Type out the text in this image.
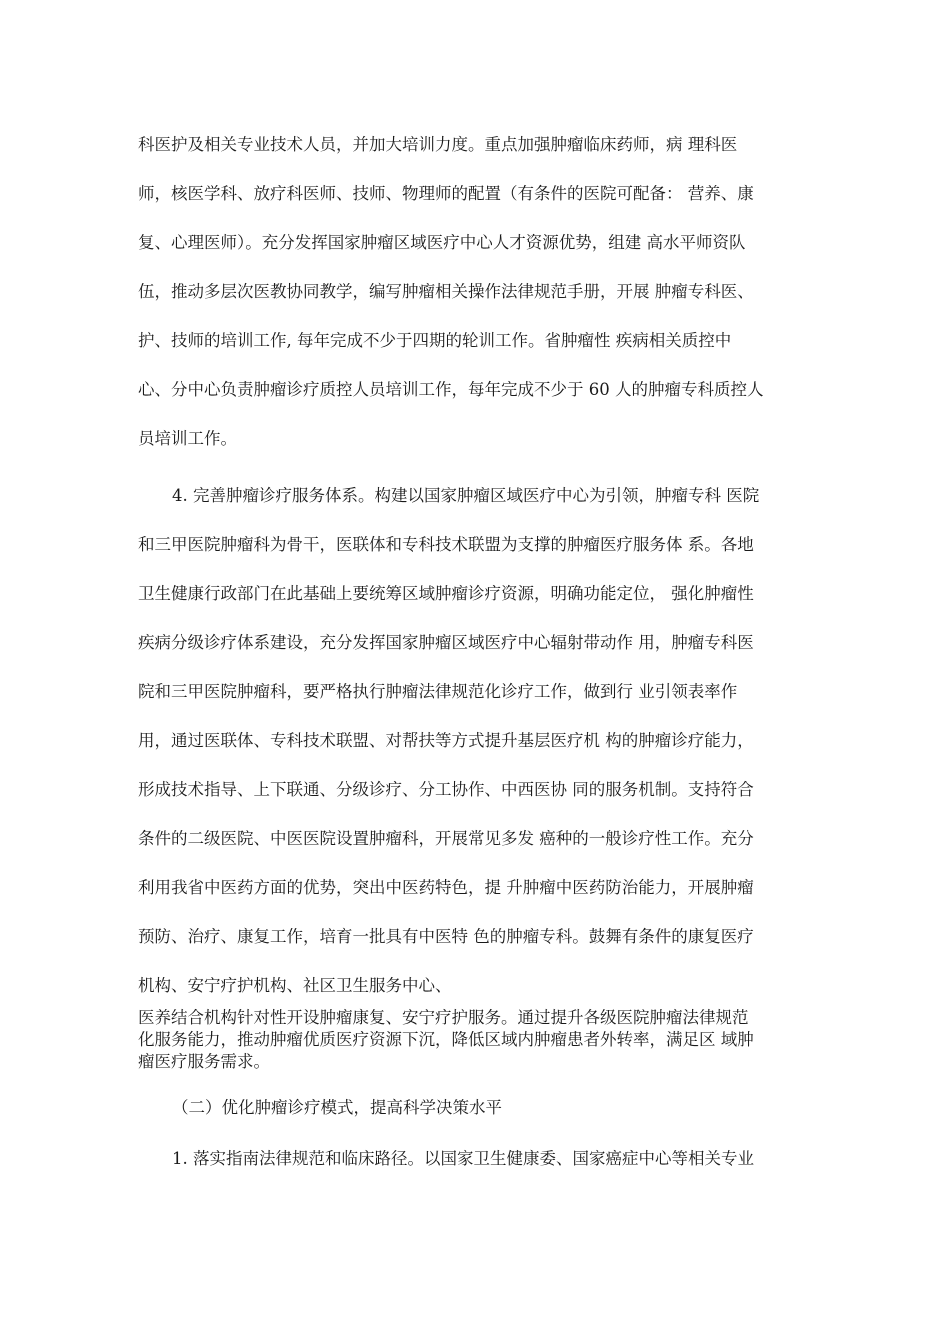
科医护及相关专业技术人员，并加大培训力度。重点加强肿瘤临床药师，病 理科医
师，核医学科、放疗科医师、技师、物理师的配置（有条件的医院可配备： 营养、康
复、心理医师）。充分发挥国家肿瘤区域医疗中心人才资源优势，组建 高水平师资队
伍，推动多层次医教协同教学，编写肿瘤相关操作法律规范手册，开展 肿瘤专科医、
护、技师的培训工作, 每年完成不少于四期的轮训工作。省肿瘤性 疾病相关质控中
心、分中心负责肿瘤诊疗质控人员培训工作，每年完成不少于 60 人的肿瘤专科质控人
员培训工作。
4. 完善肿瘤诊疗服务体系。构建以国家肿瘤区域医疗中心为引领，肿瘤专科 医院
和三甲医院肿瘤科为骨干，医联体和专科技术联盟为支撑的肿瘤医疗服务体 系。各地
卫生健康行政部门在此基础上要统筹区域肿瘤诊疗资源，明确功能定位， 强化肿瘤性
疾病分级诊疗体系建设，充分发挥国家肿瘤区域医疗中心辐射带动作 用，肿瘤专科医
院和三甲医院肿瘤科，要严格执行肿瘤法律规范化诊疗工作，做到行 业引领表率作
用，通过医联体、专科技术联盟、对帮扶等方式提升基层医疗机 构的肿瘤诊疗能力，
形成技术指导、上下联通、分级诊疗、分工协作、中西医协 同的服务机制。支持符合
条件的二级医院、中医医院设置肿瘤科，开展常见多发 癌种的一般诊疗性工作。充分
利用我省中医药方面的优势，突出中医药特色，提 升肿瘤中医药防治能力，开展肿瘤
预防、治疗、康复工作，培育一批具有中医特 色的肿瘤专科。鼓舞有条件的康复医疗
机构、安宁疗护机构、社区卫生服务中心、
医养结合机构针对性开设肿瘤康复、安宁疗护服务。通过提升各级医院肿瘤法律规范
化服务能力，推动肿瘤优质医疗资源下沉，降低区域内肿瘤患者外转率，满足区 域肿
瘤医疗服务需求。
（二）优化肿瘤诊疗模式，提高科学决策水平
1. 落实指南法律规范和临床路径。以国家卫生健康委、国家癌症中心等相关专业
